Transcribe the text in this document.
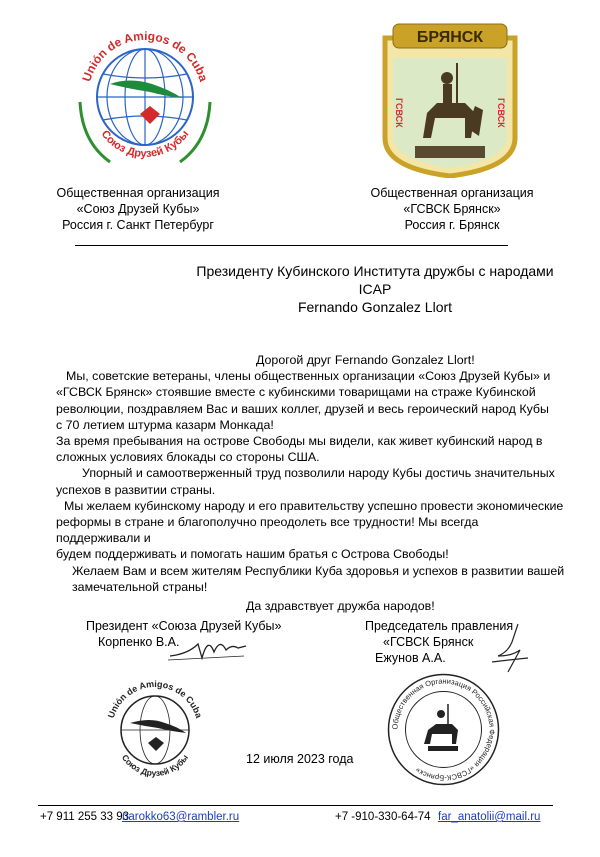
Unión de Amigos de Cuba
Союз Друзей Кубы
БРЯНСК
ГСВСК	ГСВСК
Общественная организация
«Союз Друзей Кубы»
Россия г. Санкт Петербург
Общественная организация
«ГСВСК Брянск»
Россия г. Брянск
Президенту Кубинского Института дружбы с народами
ICAP
Fernando Gonzalez Llort

Дорогой друг Fernando Gonzalez Llort!

Мы, советские ветераны, члены общественных организации «Союз Друзей Кубы» и

«ГСВСК Брянск» стоявшие вместе с кубинскими товарищами на страже Кубинской

революции, поздравляем Вас и ваших коллег, друзей и весь героический народ Кубы

с 70 летием штурма казарм Монкада!

За время пребывания на острове Свободы мы видели, как живет кубинский народ в

сложных условиях блокады со стороны США.

Упорный и самоотверженный труд позволили народу Кубы достичь значительных

успехов в развитии страны.

Мы желаем кубинскому народу и его правительству успешно провести экономические

реформы в стране и благополучно преодолеть все трудности! Мы всегда поддерживали и

будем поддерживать и помогать нашим братья с Острова Свободы!

Желаем Вам и всем жителям Республики Куба здоровья и успехов в развитии вашей

замечательной страны!

Да здравствует дружба народов!

Президент «Союза Друзей Кубы»
Корпенко В.А.
Председатель правления
«ГСВСК Брянск
Ежунов А.А.
Unión de Amigos de Cuba
Союз Друзей Кубы	12 июля 2023 года
Общественная Организация Российская Федерация «ГСВСК-Брянск»
+7 911 255 33 93
narokko63@rambler.ru	+7 -910-330-64-74 far_anatolii@mail.ru
